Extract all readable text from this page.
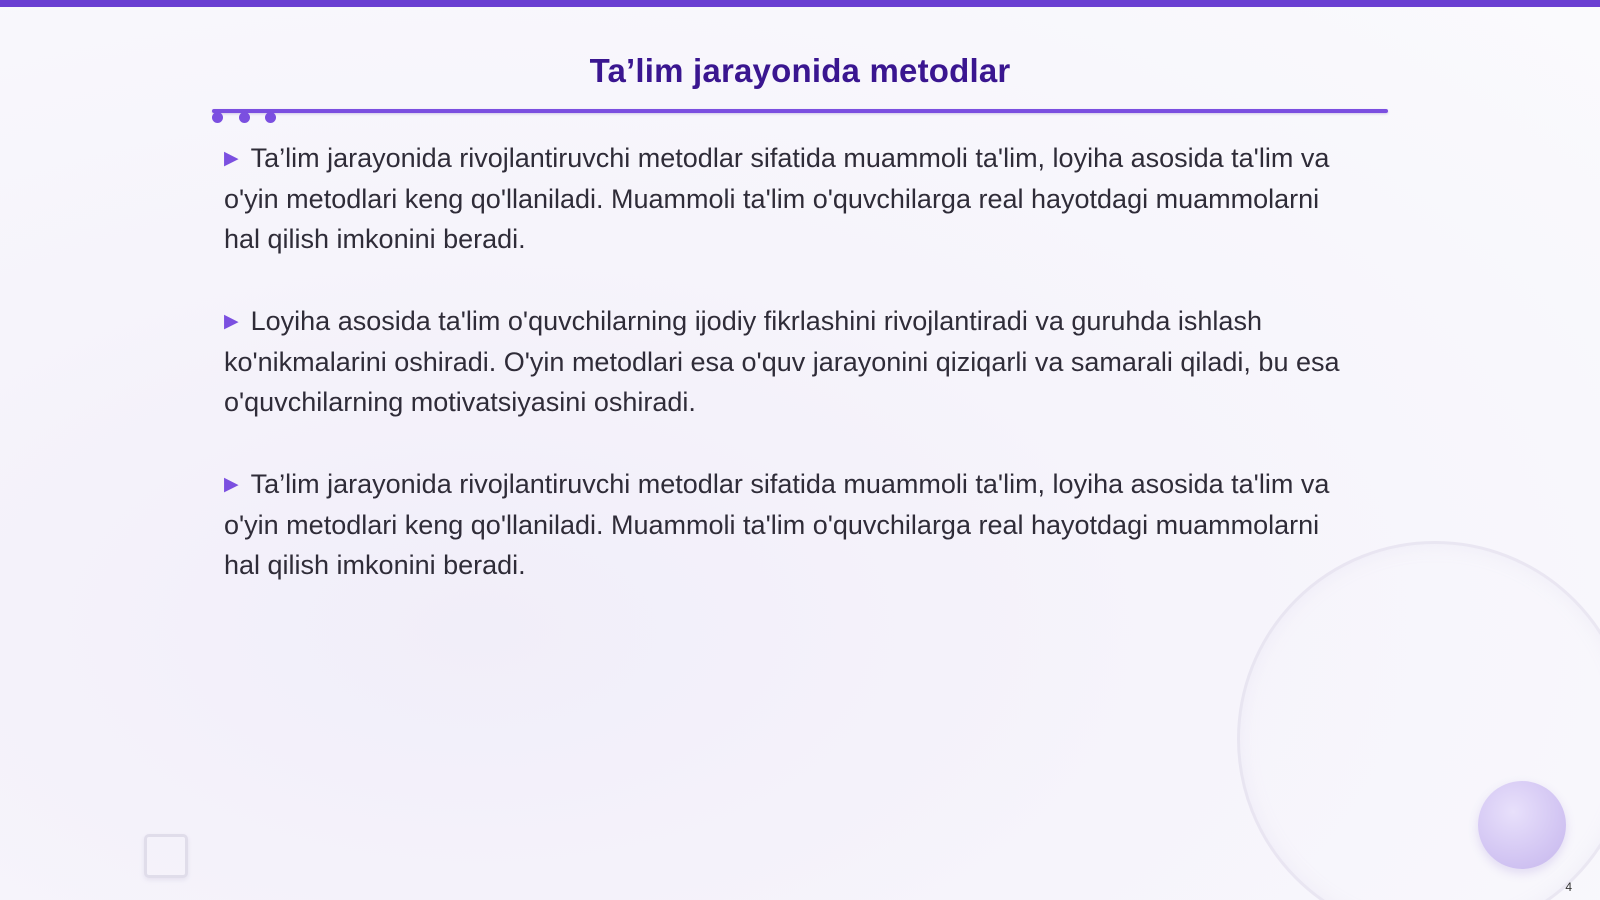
Ta’lim jarayonida metodlar

▶ Ta’lim jarayonida rivojlantiruvchi metodlar sifatida muammoli ta'lim, loyiha asosida ta'lim va o'yin metodlari keng qo'llaniladi. Muammoli ta'lim o'quvchilarga real hayotdagi muammolarni hal qilish imkonini beradi.

▶ Loyiha asosida ta'lim o'quvchilarning ijodiy fikrlashini rivojlantiradi va guruhda ishlash ko'nikmalarini oshiradi. O'yin metodlari esa o'quv jarayonini qiziqarli va samarali qiladi, bu esa o'quvchilarning motivatsiyasini oshiradi.

▶ Ta’lim jarayonida rivojlantiruvchi metodlar sifatida muammoli ta'lim, loyiha asosida ta'lim va o'yin metodlari keng qo'llaniladi. Muammoli ta'lim o'quvchilarga real hayotdagi muammolarni hal qilish imkonini beradi.

4
